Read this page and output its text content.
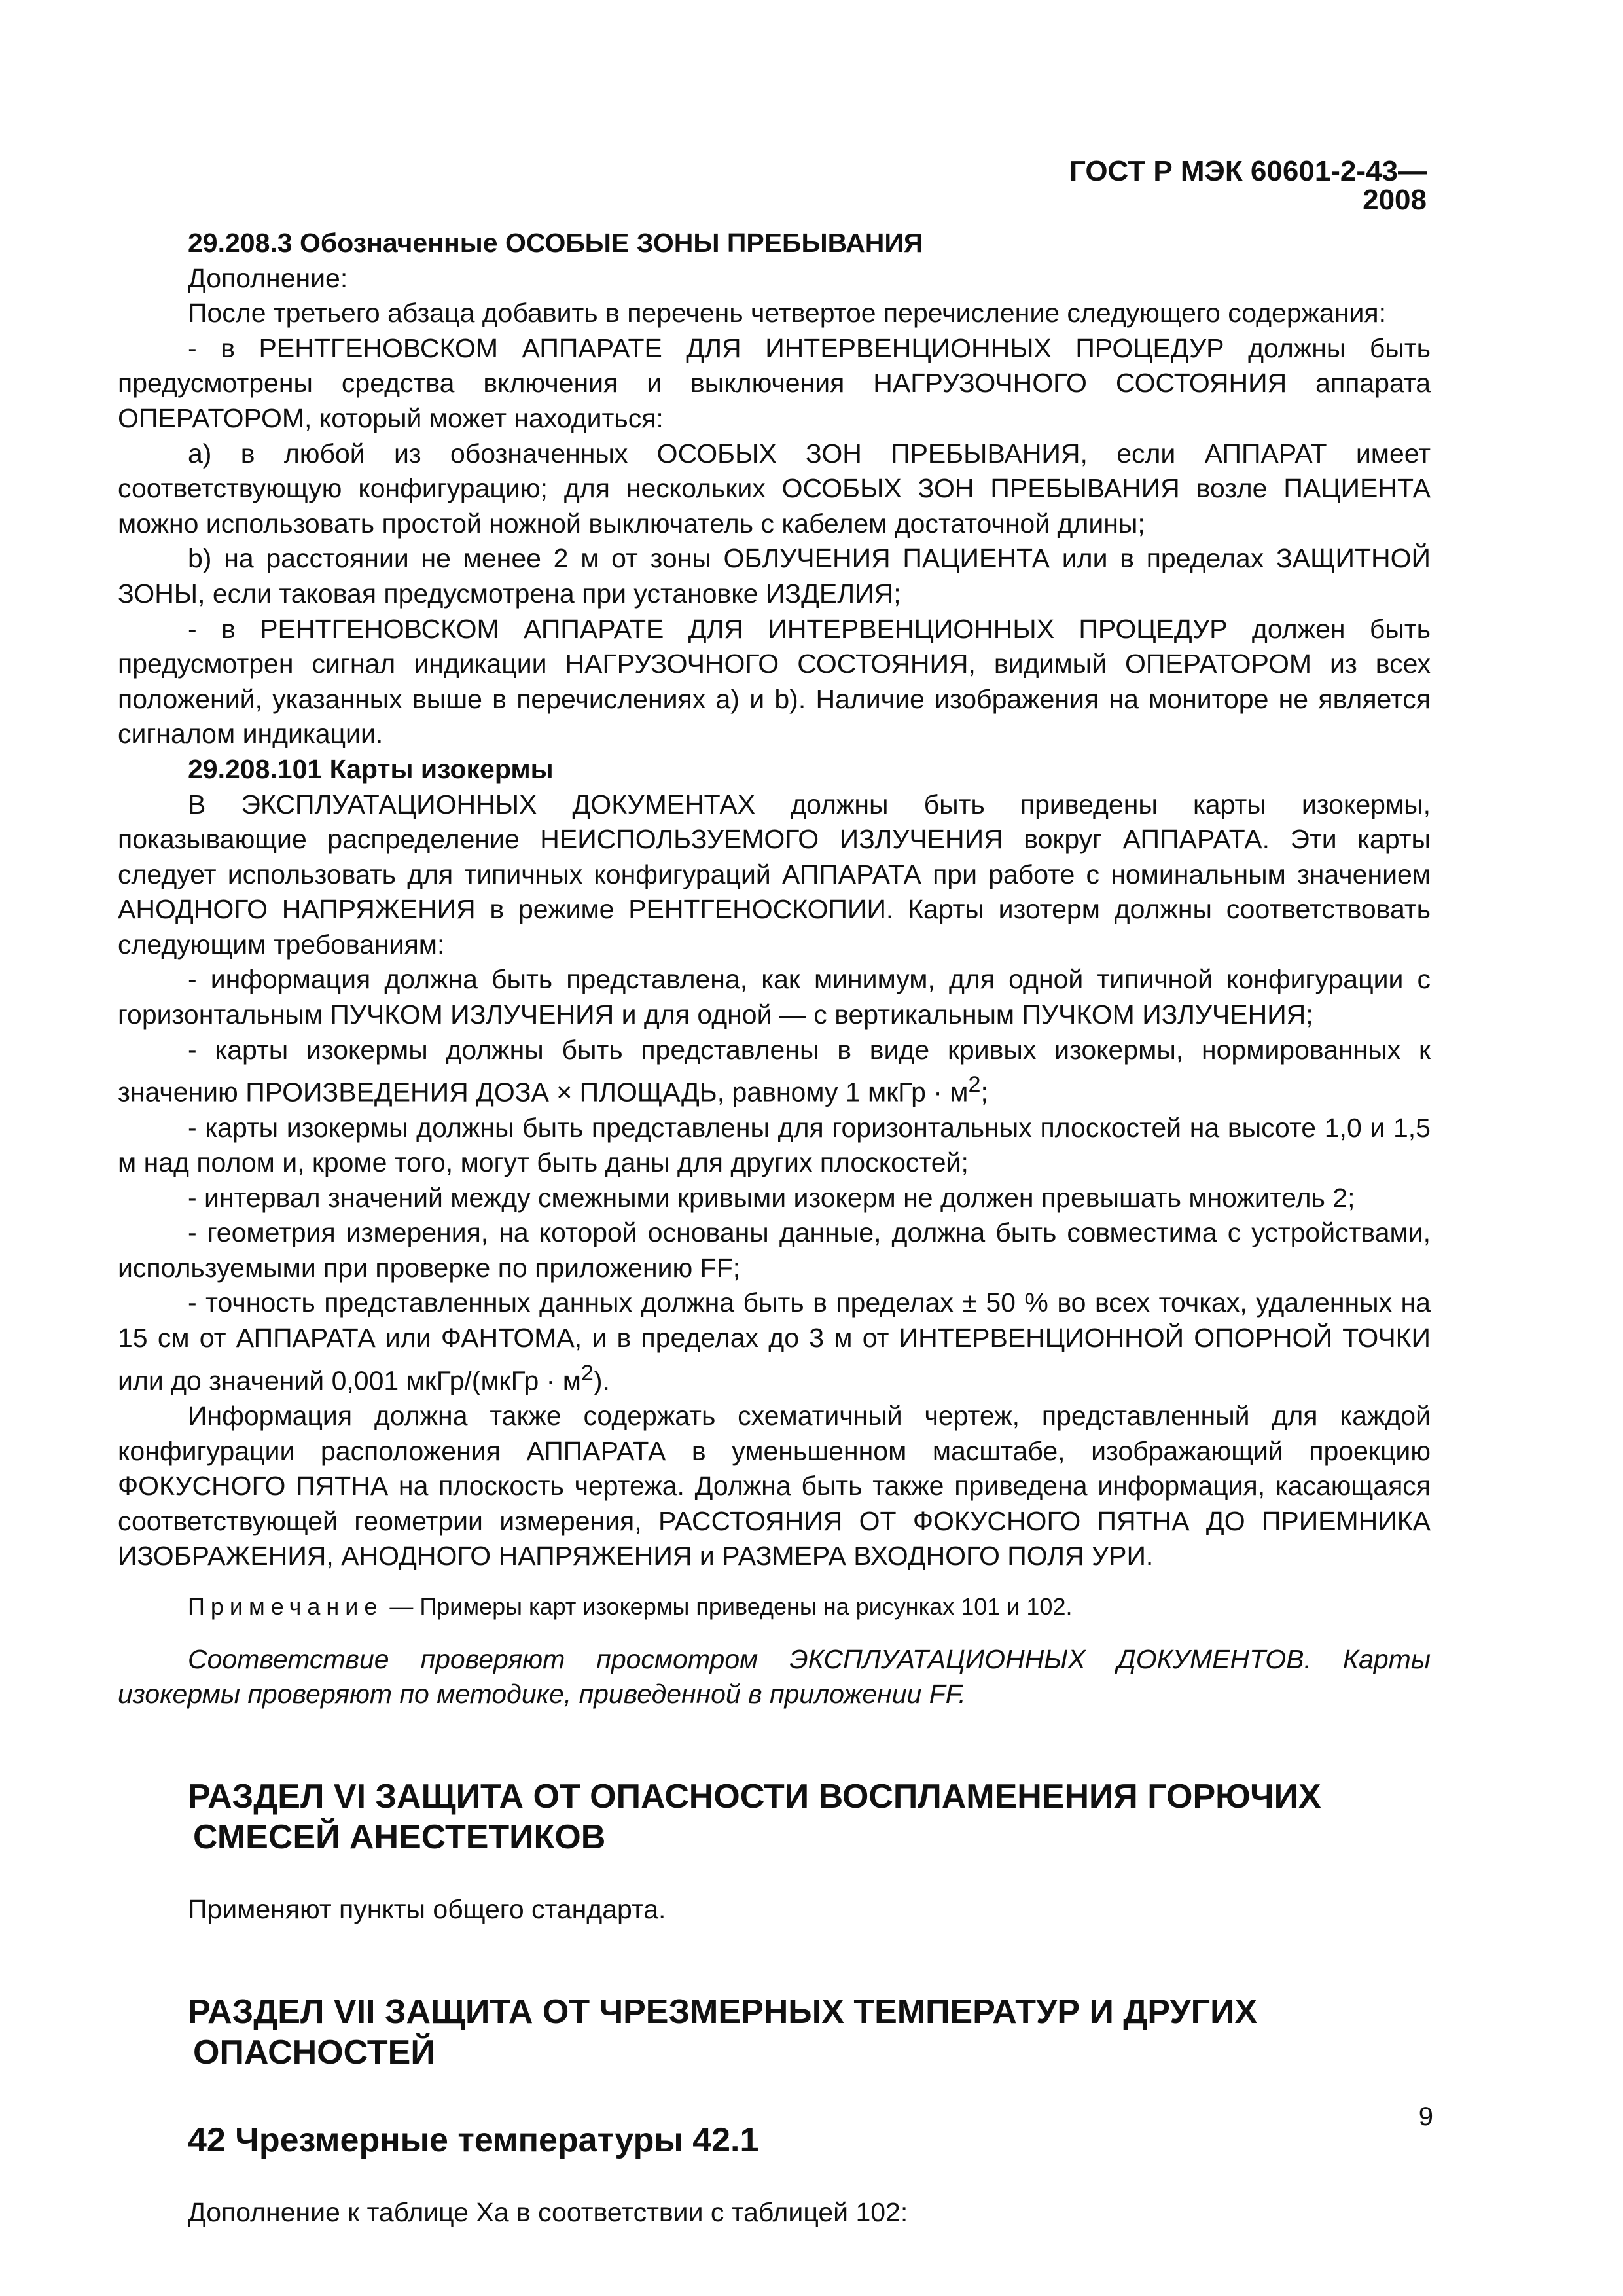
ГОСТ Р МЭК 60601-2-43—2008

29.208.3 Обозначенные ОСОБЫЕ ЗОНЫ ПРЕБЫВАНИЯ

Дополнение:

После третьего абзаца добавить в перечень четвертое перечисление следующего содержания:

- в РЕНТГЕНОВСКОМ АППАРАТЕ ДЛЯ ИНТЕРВЕНЦИОННЫХ ПРОЦЕДУР должны быть предусмотрены средства включения и выключения НАГРУЗОЧНОГО СОСТОЯНИЯ аппарата ОПЕРАТОРОМ, который может находиться:

a) в любой из обозначенных ОСОБЫХ ЗОН ПРЕБЫВАНИЯ, если АППАРАТ имеет соответствующую конфигурацию; для нескольких ОСОБЫХ ЗОН ПРЕБЫВАНИЯ возле ПАЦИЕНТА можно использовать простой ножной выключатель с кабелем достаточной длины;

b) на расстоянии не менее 2 м от зоны ОБЛУЧЕНИЯ ПАЦИЕНТА или в пределах ЗАЩИТНОЙ ЗОНЫ, если таковая предусмотрена при установке ИЗДЕЛИЯ;

- в РЕНТГЕНОВСКОМ АППАРАТЕ ДЛЯ ИНТЕРВЕНЦИОННЫХ ПРОЦЕДУР должен быть предусмотрен сигнал индикации НАГРУЗОЧНОГО СОСТОЯНИЯ, видимый ОПЕРАТОРОМ из всех положений, указанных выше в перечислениях a) и b). Наличие изображения на мониторе не является сигналом индикации.

29.208.101 Карты изокермы

В ЭКСПЛУАТАЦИОННЫХ ДОКУМЕНТАХ должны быть приведены карты изокермы, показывающие распределение НЕИСПОЛЬЗУЕМОГО ИЗЛУЧЕНИЯ вокруг АППАРАТА. Эти карты следует использовать для типичных конфигураций АППАРАТА при работе с номинальным значением АНОДНОГО НАПРЯЖЕНИЯ в режиме РЕНТГЕНОСКОПИИ. Карты изотерм должны соответствовать следующим требованиям:

- информация должна быть представлена, как минимум, для одной типичной конфигурации с горизонтальным ПУЧКОМ ИЗЛУЧЕНИЯ и для одной — с вертикальным ПУЧКОМ ИЗЛУЧЕНИЯ;

- карты изокермы должны быть представлены в виде кривых изокермы, нормированных к значению ПРОИЗВЕДЕНИЯ ДОЗА × ПЛОЩАДЬ, равному 1 мкГр · $м^2$;

- карты изокермы должны быть представлены для горизонтальных плоскостей на высоте 1,0 и 1,5 м над полом и, кроме того, могут быть даны для других плоскостей;

- интервал значений между смежными кривыми изокерм не должен превышать множитель 2;

- геометрия измерения, на которой основаны данные, должна быть совместима с устройствами, используемыми при проверке по приложению FF;

- точность представленных данных должна быть в пределах ± 50 % во всех точках, удаленных на 15 см от АППАРАТА или ФАНТОМА, и в пределах до 3 м от ИНТЕРВЕНЦИОННОЙ ОПОРНОЙ ТОЧКИ или до значений 0,001 мкГр/(мкГр · $м^2$).

Информация должна также содержать схематичный чертеж, представленный для каждой конфигурации расположения АППАРАТА в уменьшенном масштабе, изображающий проекцию ФОКУСНОГО ПЯТНА на плоскость чертежа. Должна быть также приведена информация, касающаяся соответствующей геометрии измерения, РАССТОЯНИЯ ОТ ФОКУСНОГО ПЯТНА ДО ПРИЕМНИКА ИЗОБРАЖЕНИЯ, АНОДНОГО НАПРЯЖЕНИЯ и РАЗМЕРА ВХОДНОГО ПОЛЯ УРИ.

Примечание — Примеры карт изокермы приведены на рисунках 101 и 102.

Соответствие проверяют просмотром ЭКСПЛУАТАЦИОННЫХ ДОКУМЕНТОВ. Карты изокермы проверяют по методике, приведенной в приложении FF.

РАЗДЕЛ VI ЗАЩИТА ОТ ОПАСНОСТИ ВОСПЛАМЕНЕНИЯ ГОРЮЧИХ
СМЕСЕЙ АНЕСТЕТИКОВ

Применяют пункты общего стандарта.

РАЗДЕЛ VII ЗАЩИТА ОТ ЧРЕЗМЕРНЫХ ТЕМПЕРАТУР И ДРУГИХ
ОПАСНОСТЕЙ
42 Чрезмерные температуры 42.1

Дополнение к таблице Ха в соответствии с таблицей 102:

9
